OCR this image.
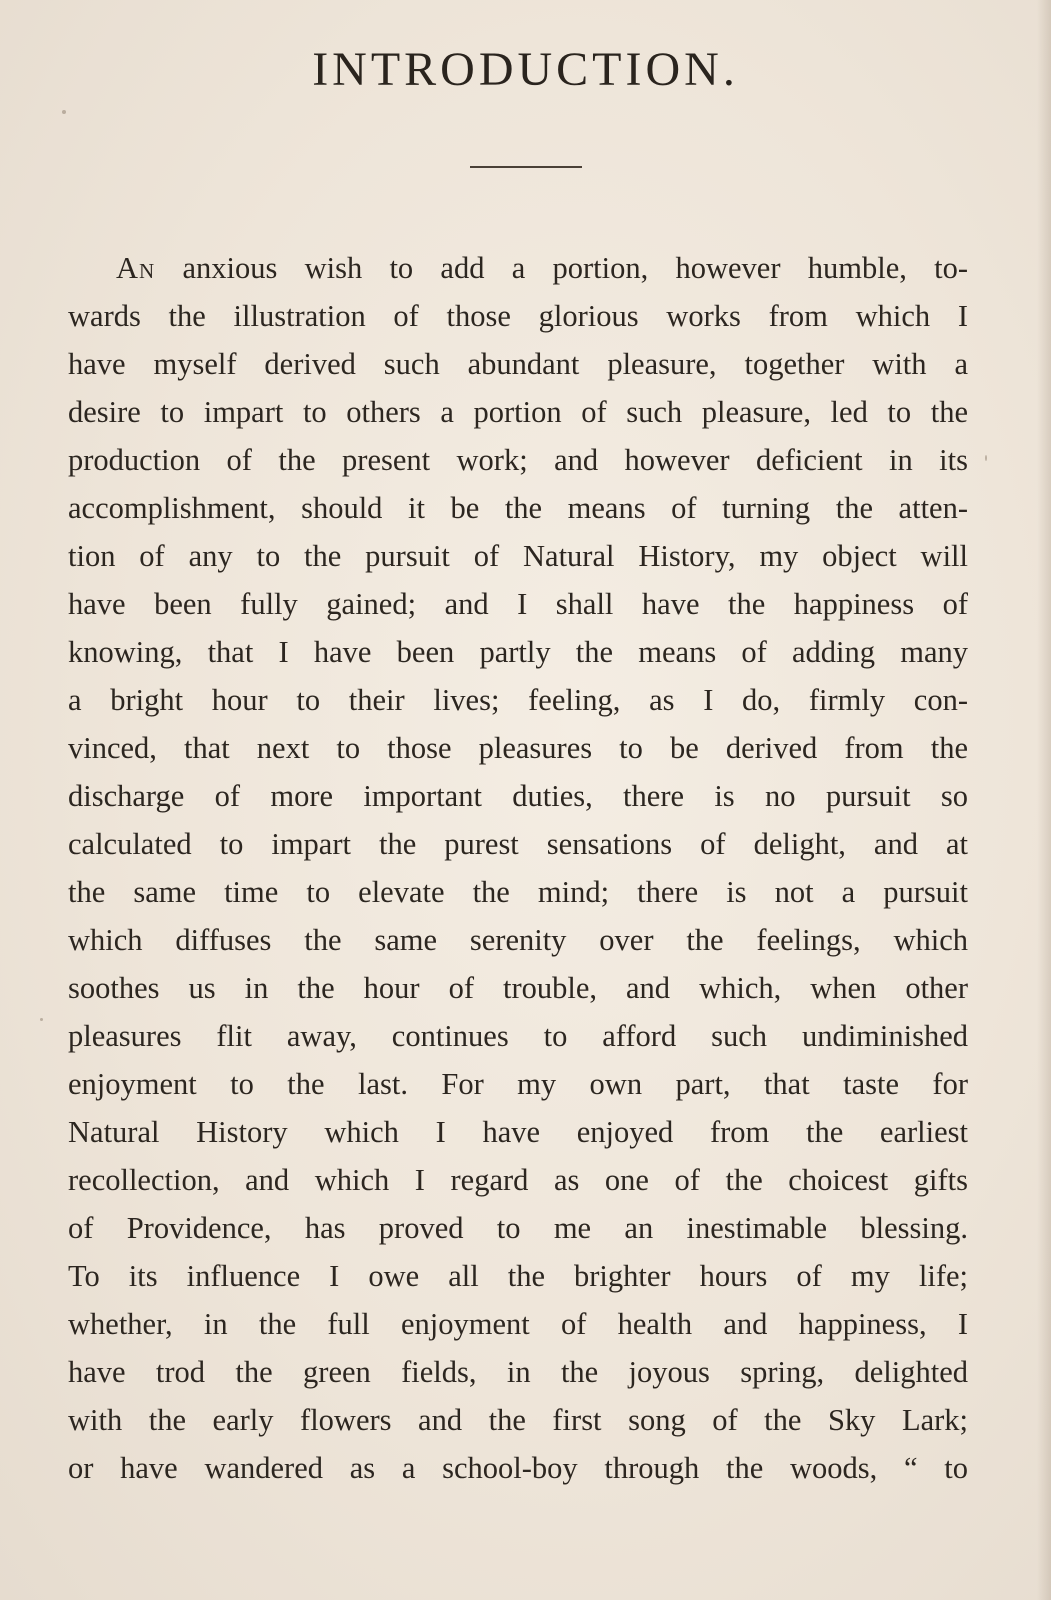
INTRODUCTION.
An anxious wish to add a portion, however humble, to-
wards the illustration of those glorious works from which I
have myself derived such abundant pleasure, together with a
desire to impart to others a portion of such pleasure, led to the
production of the present work; and however deficient in its
accomplishment, should it be the means of turning the atten-
tion of any to the pursuit of Natural History, my object will
have been fully gained; and I shall have the happiness of
knowing, that I have been partly the means of adding many
a bright hour to their lives; feeling, as I do, firmly con-
vinced, that next to those pleasures to be derived from the
discharge of more important duties, there is no pursuit so
calculated to impart the purest sensations of delight, and at
the same time to elevate the mind; there is not a pursuit
which diffuses the same serenity over the feelings, which
soothes us in the hour of trouble, and which, when other
pleasures flit away, continues to afford such undiminished
enjoyment to the last. For my own part, that taste for
Natural History which I have enjoyed from the earliest
recollection, and which I regard as one of the choicest gifts
of Providence, has proved to me an inestimable blessing.
To its influence I owe all the brighter hours of my life;
whether, in the full enjoyment of health and happiness, I
have trod the green fields, in the joyous spring, delighted
with the early flowers and the first song of the Sky Lark;
or have wandered as a school-boy through the woods, “ to
